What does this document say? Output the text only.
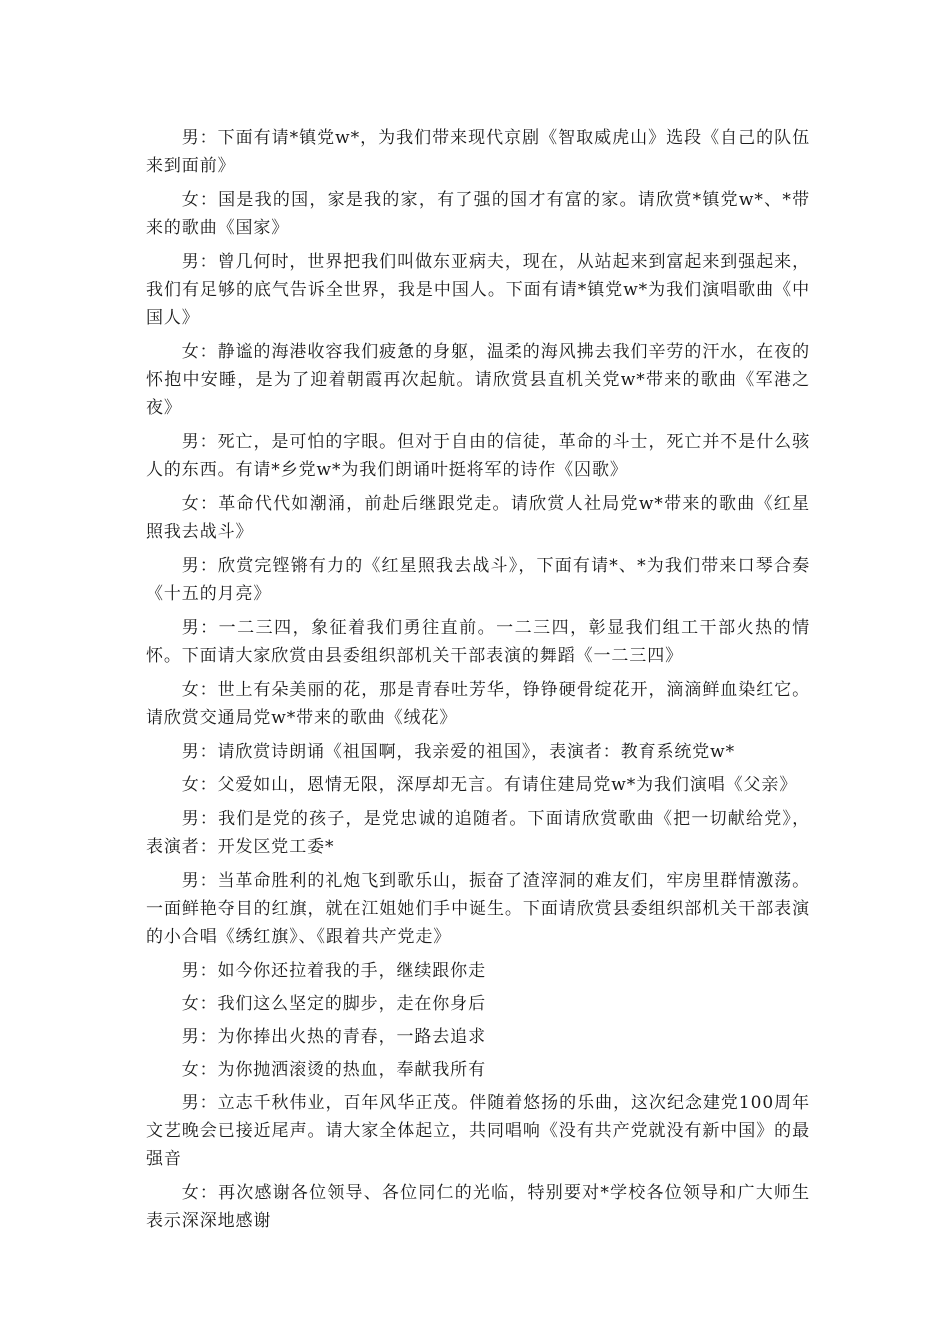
男：下面有请*镇党w*，为我们带来现代京剧《智取威虎山》选段《自己的队伍来到面前》

女：国是我的国，家是我的家，有了强的国才有富的家。请欣赏*镇党w*、*带来的歌曲《国家》

男：曾几何时，世界把我们叫做东亚病夫，现在，从站起来到富起来到强起来，我们有足够的底气告诉全世界，我是中国人。下面有请*镇党w*为我们演唱歌曲《中国人》

女：静谧的海港收容我们疲惫的身躯，温柔的海风拂去我们辛劳的汗水，在夜的怀抱中安睡，是为了迎着朝霞再次起航。请欣赏县直机关党w*带来的歌曲《军港之夜》

男：死亡，是可怕的字眼。但对于自由的信徒，革命的斗士，死亡并不是什么骇人的东西。有请*乡党w*为我们朗诵叶挺将军的诗作《囚歌》

女：革命代代如潮涌，前赴后继跟党走。请欣赏人社局党w*带来的歌曲《红星照我去战斗》

男：欣赏完铿锵有力的《红星照我去战斗》，下面有请*、*为我们带来口琴合奏《十五的月亮》

男：一二三四，象征着我们勇往直前。一二三四，彰显我们组工干部火热的情怀。下面请大家欣赏由县委组织部机关干部表演的舞蹈《一二三四》

女：世上有朵美丽的花，那是青春吐芳华，铮铮硬骨绽花开，滴滴鲜血染红它。请欣赏交通局党w*带来的歌曲《绒花》

男：请欣赏诗朗诵《祖国啊，我亲爱的祖国》，表演者：教育系统党w*

女：父爱如山，恩情无限，深厚却无言。有请住建局党w*为我们演唱《父亲》

男：我们是党的孩子，是党忠诚的追随者。下面请欣赏歌曲《把一切献给党》，表演者：开发区党工委*

男：当革命胜利的礼炮飞到歌乐山，振奋了渣滓洞的难友们，牢房里群情激荡。一面鲜艳夺目的红旗，就在江姐她们手中诞生。下面请欣赏县委组织部机关干部表演的小合唱《绣红旗》、《跟着共产党走》

男：如今你还拉着我的手，继续跟你走

女：我们这么坚定的脚步，走在你身后

男：为你捧出火热的青春，一路去追求

女：为你抛洒滚烫的热血，奉献我所有

男：立志千秋伟业，百年风华正茂。伴随着悠扬的乐曲，这次纪念建党100周年文艺晚会已接近尾声。请大家全体起立，共同唱响《没有共产党就没有新中国》的最强音

女：再次感谢各位领导、各位同仁的光临，特别要对*学校各位领导和广大师生表示深深地感谢
